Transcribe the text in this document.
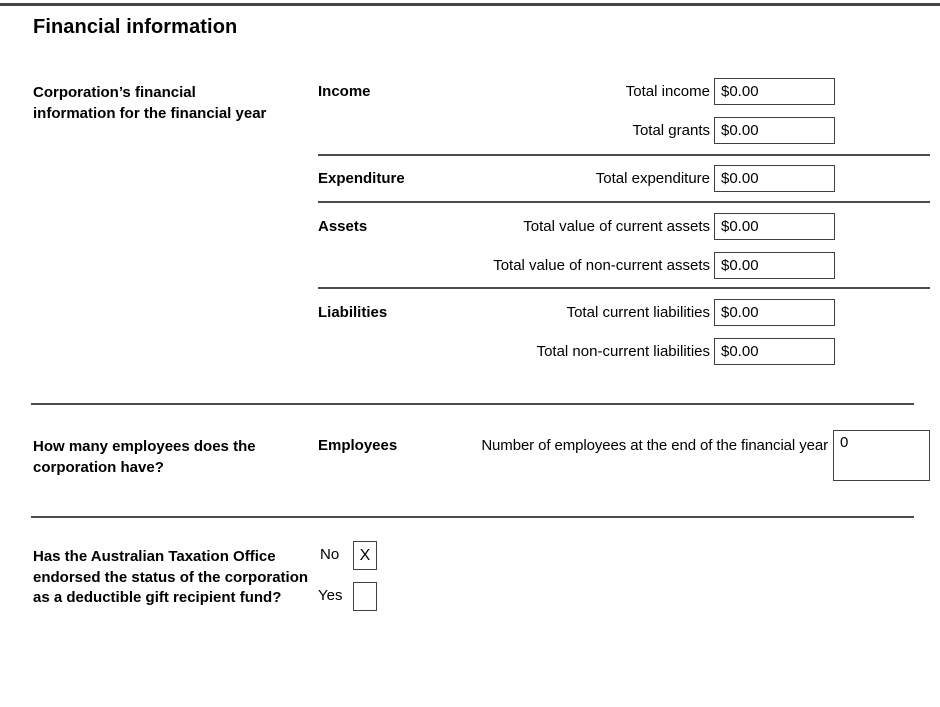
Financial information
Corporation’s financial information for the financial year
Income
Expenditure
Assets
Liabilities
Total income
$0.00
Total grants
$0.00
Total expenditure
$0.00
Total value of current assets
$0.00
Total value of non-current assets
$0.00
Total current liabilities
$0.00
Total non-current liabilities
$0.00
How many employees does the corporation have?
Employees	Number of employees at the end of the financial year
0
Has the Australian Taxation Office endorsed the status of the corporation as a deductible gift recipient fund?
No X
Yes
